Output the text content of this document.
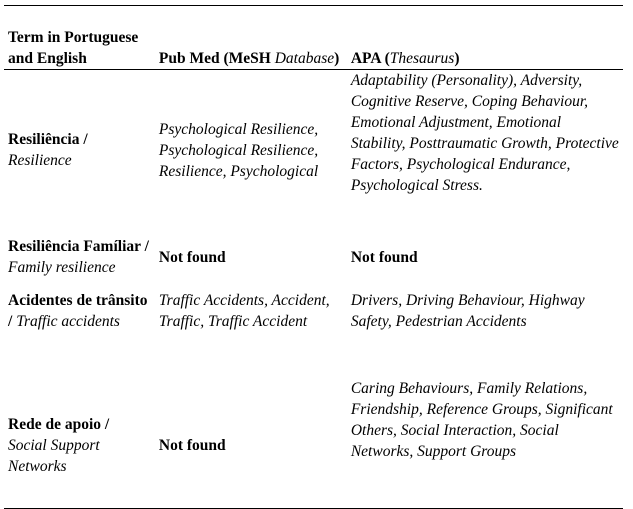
Term in Portuguese and English	Pub Med (MeSH Database)	APA (Thesaurus)
Resiliência / Resilience	Psychological Resilience, Psychological Resilience, Resilience, Psychological	Adaptability (Personality), Adversity, Cognitive Reserve, Coping Behaviour, Emotional Adjustment, Emotional Stability, Posttraumatic Growth, Protective Factors, Psychological Endurance, Psychological Stress.
Resiliência Famíliar / Family resilience	Not found	Not found
Acidentes de trânsito / Traffic accidents	Traffic Accidents, Accident, Traffic, Traffic Accident	Drivers, Driving Behaviour, Highway Safety, Pedestrian Accidents
Rede de apoio / Social Support Networks	Not found	Caring Behaviours, Family Relations, Friendship, Reference Groups, Significant Others, Social Interaction, Social Networks, Support Groups
